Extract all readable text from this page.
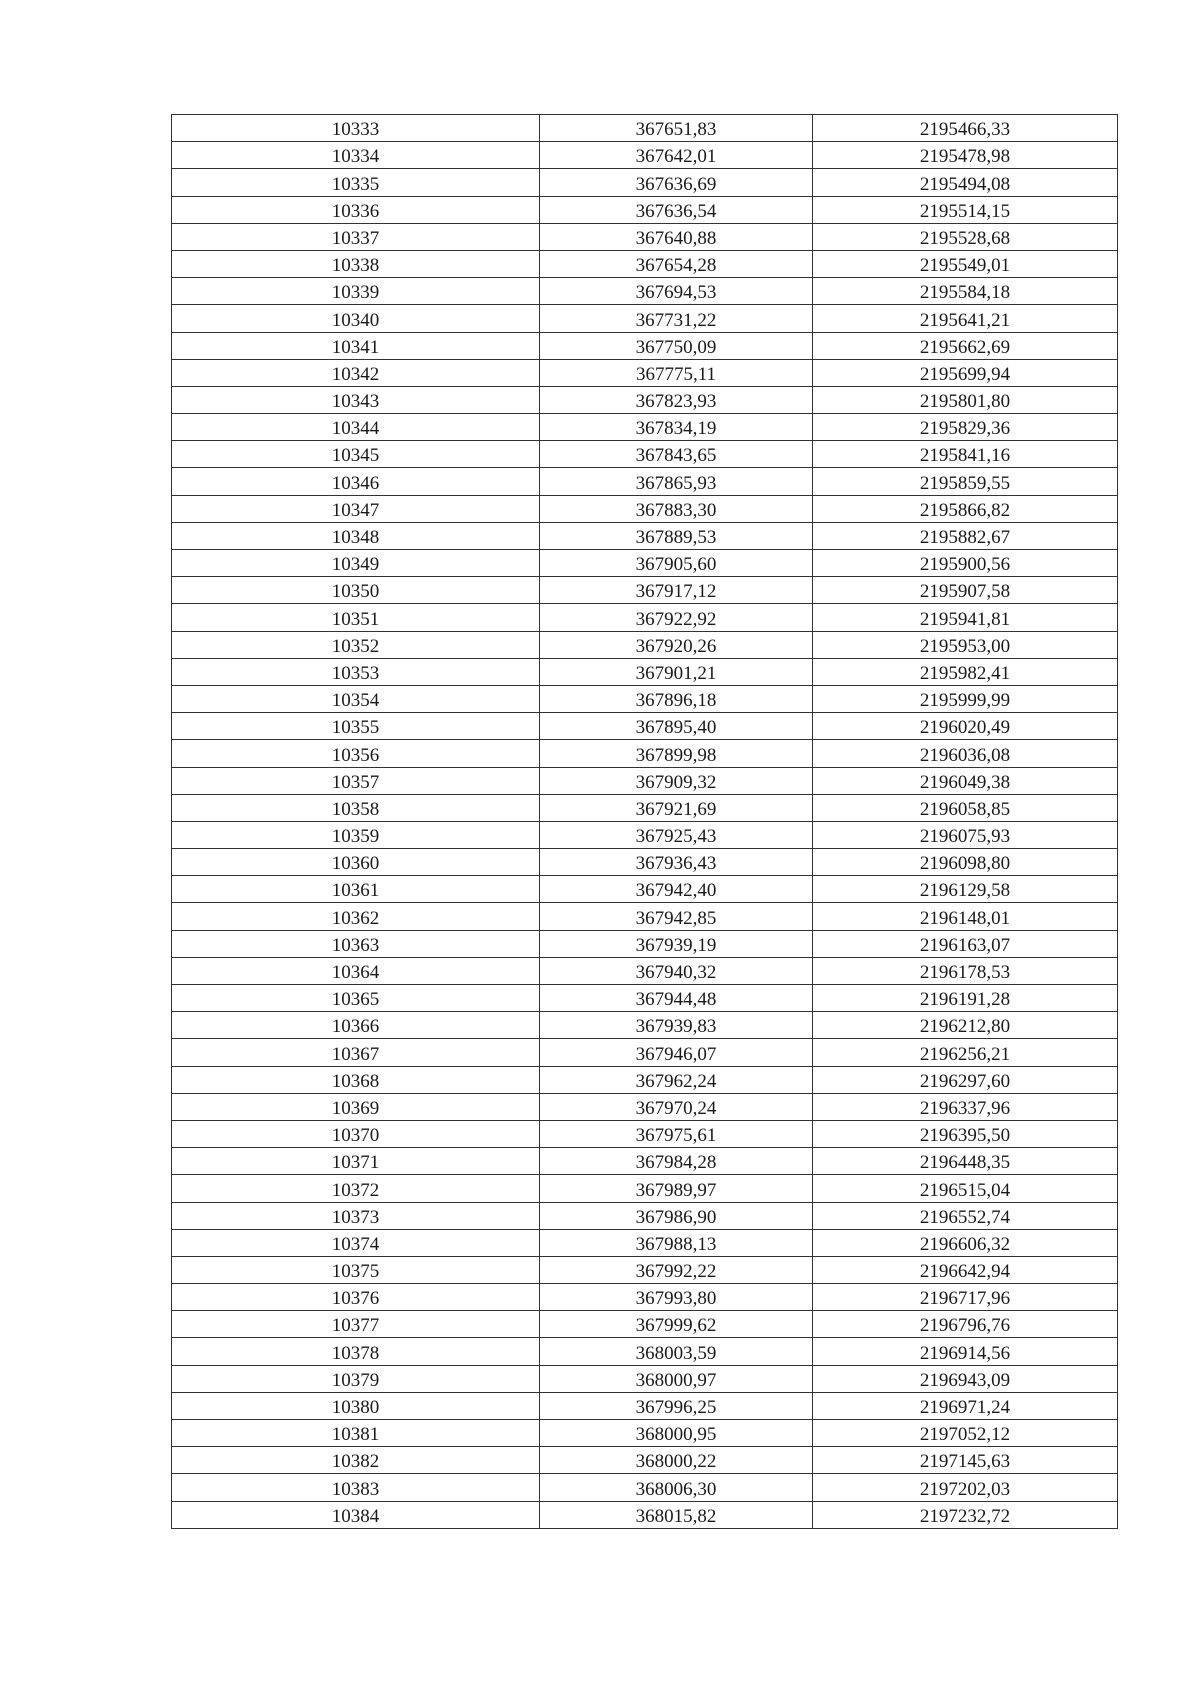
10333	367651,83	2195466,33
10334	367642,01	2195478,98
10335	367636,69	2195494,08
10336	367636,54	2195514,15
10337	367640,88	2195528,68
10338	367654,28	2195549,01
10339	367694,53	2195584,18
10340	367731,22	2195641,21
10341	367750,09	2195662,69
10342	367775,11	2195699,94
10343	367823,93	2195801,80
10344	367834,19	2195829,36
10345	367843,65	2195841,16
10346	367865,93	2195859,55
10347	367883,30	2195866,82
10348	367889,53	2195882,67
10349	367905,60	2195900,56
10350	367917,12	2195907,58
10351	367922,92	2195941,81
10352	367920,26	2195953,00
10353	367901,21	2195982,41
10354	367896,18	2195999,99
10355	367895,40	2196020,49
10356	367899,98	2196036,08
10357	367909,32	2196049,38
10358	367921,69	2196058,85
10359	367925,43	2196075,93
10360	367936,43	2196098,80
10361	367942,40	2196129,58
10362	367942,85	2196148,01
10363	367939,19	2196163,07
10364	367940,32	2196178,53
10365	367944,48	2196191,28
10366	367939,83	2196212,80
10367	367946,07	2196256,21
10368	367962,24	2196297,60
10369	367970,24	2196337,96
10370	367975,61	2196395,50
10371	367984,28	2196448,35
10372	367989,97	2196515,04
10373	367986,90	2196552,74
10374	367988,13	2196606,32
10375	367992,22	2196642,94
10376	367993,80	2196717,96
10377	367999,62	2196796,76
10378	368003,59	2196914,56
10379	368000,97	2196943,09
10380	367996,25	2196971,24
10381	368000,95	2197052,12
10382	368000,22	2197145,63
10383	368006,30	2197202,03
10384	368015,82	2197232,72
